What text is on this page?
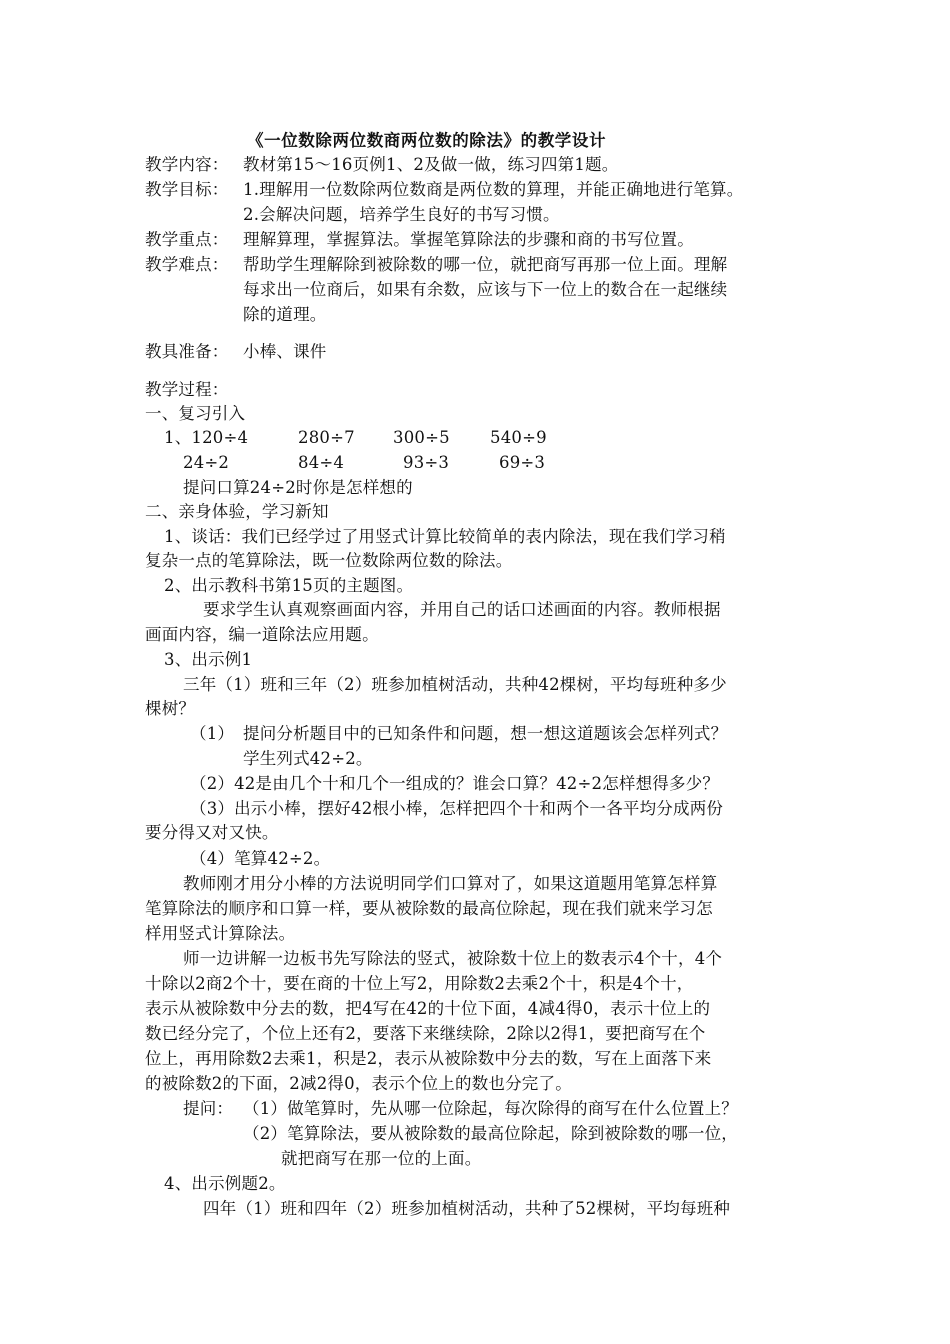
《一位数除两位数商两位数的除法》的教学设计
教学内容： 教材第15～16页例1、2及做一做，练习四第1题。
教学目标： 1.理解用一位数除两位数商是两位数的算理，并能正确地进行笔算。
2.会解决问题，培养学生良好的书写习惯。
教学重点： 理解算理，掌握算法。掌握笔算除法的步骤和商的书写位置。
教学难点： 帮助学生理解除到被除数的哪一位，就把商写再那一位上面。理解
每求出一位商后，如果有余数，应该与下一位上的数合在一起继续
除的道理。
教具准备： 小棒、课件
教学过程：
一、复习引入
1、120÷4	280÷7 300÷5 540÷9
24÷2	84÷4	93÷3	69÷3
提问口算24÷2时你是怎样想的
二、亲身体验，学习新知
1、谈话：我们已经学过了用竖式计算比较简单的表内除法，现在我们学习稍
复杂一点的笔算除法，既一位数除两位数的除法。
2、出示教科书第15页的主题图。
要求学生认真观察画面内容，并用自己的话口述画面的内容。教师根据
画面内容，编一道除法应用题。
3、出示例1
三年（1）班和三年（2）班参加植树活动，共种42棵树，平均每班种多少
棵树？
（1） 提问分析题目中的已知条件和问题，想一想这道题该会怎样列式？
学生列式42÷2。
（2）42是由几个十和几个一组成的？谁会口算？42÷2怎样想得多少？
（3）出示小棒，摆好42根小棒，怎样把四个十和两个一各平均分成两份
要分得又对又快。
（4）笔算42÷2。
教师刚才用分小棒的方法说明同学们口算对了，如果这道题用笔算怎样算
笔算除法的顺序和口算一样，要从被除数的最高位除起，现在我们就来学习怎
样用竖式计算除法。
师一边讲解一边板书先写除法的竖式，被除数十位上的数表示4个十，4个
十除以2商2个十，要在商的十位上写2，用除数2去乘2个十，积是4个十，
表示从被除数中分去的数，把4写在42的十位下面，4减4得0，表示十位上的
数已经分完了，个位上还有2，要落下来继续除，2除以2得1，要把商写在个
位上，再用除数2去乘1，积是2，表示从被除数中分去的数，写在上面落下来
的被除数2的下面，2减2得0，表示个位上的数也分完了。
提问： （1）做笔算时，先从哪一位除起，每次除得的商写在什么位置上？
（2）笔算除法，要从被除数的最高位除起，除到被除数的哪一位，
就把商写在那一位的上面。
4、出示例题2。
四年（1）班和四年（2）班参加植树活动，共种了52棵树，平均每班种
